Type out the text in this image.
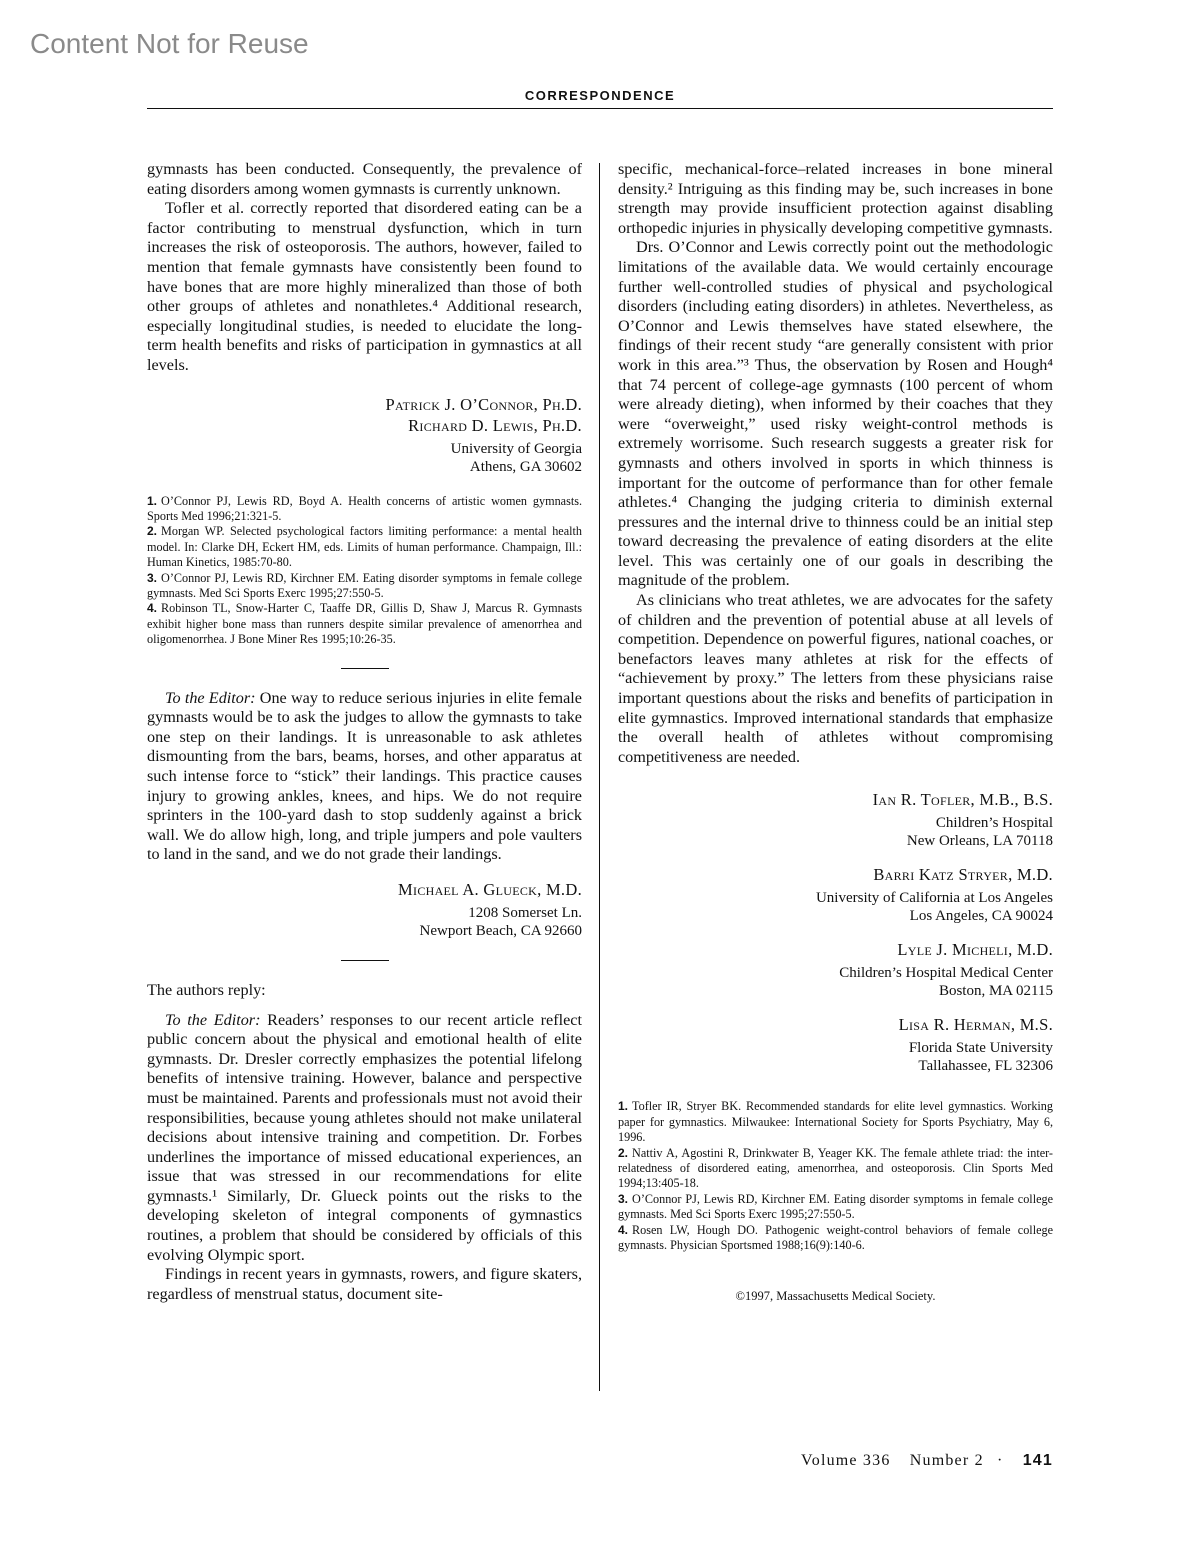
Content Not for Reuse
CORRESPONDENCE

gymnasts has been conducted. Consequently, the prevalence of eating disorders among women gymnasts is currently unknown.

Tofler et al. correctly reported that disordered eating can be a factor contributing to menstrual dysfunction, which in turn increases the risk of osteoporosis. The authors, however, failed to mention that female gymnasts have consistently been found to have bones that are more highly mineralized than those of both other groups of athletes and nonathletes.⁴ Additional research, especially longitudinal studies, is needed to elucidate the long-term health benefits and risks of participation in gymnastics at all levels.

Patrick J. O’Connor, Ph.D.
Richard D. Lewis, Ph.D.
University of Georgia
Athens, GA 30602
1. O’Connor PJ, Lewis RD, Boyd A. Health concerns of artistic women gymnasts. Sports Med 1996;21:321-5.
2. Morgan WP. Selected psychological factors limiting performance: a mental health model. In: Clarke DH, Eckert HM, eds. Limits of human performance. Champaign, Ill.: Human Kinetics, 1985:70-80.
3. O’Connor PJ, Lewis RD, Kirchner EM. Eating disorder symptoms in female college gymnasts. Med Sci Sports Exerc 1995;27:550-5.
4. Robinson TL, Snow-Harter C, Taaffe DR, Gillis D, Shaw J, Marcus R. Gymnasts exhibit higher bone mass than runners despite similar prevalence of amenorrhea and oligomenorrhea. J Bone Miner Res 1995;10:26-35.

To the Editor: One way to reduce serious injuries in elite female gymnasts would be to ask the judges to allow the gymnasts to take one step on their landings. It is unreasonable to ask athletes dismounting from the bars, beams, horses, and other apparatus at such intense force to “stick” their landings. This practice causes injury to growing ankles, knees, and hips. We do not require sprinters in the 100-yard dash to stop suddenly against a brick wall. We do allow high, long, and triple jumpers and pole vaulters to land in the sand, and we do not grade their landings.

Michael A. Glueck, M.D.
1208 Somerset Ln.
Newport Beach, CA 92660

The authors reply:

To the Editor: Readers’ responses to our recent article reflect public concern about the physical and emotional health of elite gymnasts. Dr. Dresler correctly emphasizes the potential lifelong benefits of intensive training. However, balance and perspective must be maintained. Parents and professionals must not avoid their responsibilities, because young athletes should not make unilateral decisions about intensive training and competition. Dr. Forbes underlines the importance of missed educational experiences, an issue that was stressed in our recommendations for elite gymnasts.¹ Similarly, Dr. Glueck points out the risks to the developing skeleton of integral components of gymnastics routines, a problem that should be considered by officials of this evolving Olympic sport.

Findings in recent years in gymnasts, rowers, and figure skaters, regardless of menstrual status, document site-

specific, mechanical-force–related increases in bone mineral density.² Intriguing as this finding may be, such increases in bone strength may provide insufficient protection against disabling orthopedic injuries in physically developing competitive gymnasts.

Drs. O’Connor and Lewis correctly point out the methodologic limitations of the available data. We would certainly encourage further well-controlled studies of physical and psychological disorders (including eating disorders) in athletes. Nevertheless, as O’Connor and Lewis themselves have stated elsewhere, the findings of their recent study “are generally consistent with prior work in this area.”³ Thus, the observation by Rosen and Hough⁴ that 74 percent of college-age gymnasts (100 percent of whom were already dieting), when informed by their coaches that they were “overweight,” used risky weight-control methods is extremely worrisome. Such research suggests a greater risk for gymnasts and others involved in sports in which thinness is important for the outcome of performance than for other female athletes.⁴ Changing the judging criteria to diminish external pressures and the internal drive to thinness could be an initial step toward decreasing the prevalence of eating disorders at the elite level. This was certainly one of our goals in describing the magnitude of the problem.

As clinicians who treat athletes, we are advocates for the safety of children and the prevention of potential abuse at all levels of competition. Dependence on powerful figures, national coaches, or benefactors leaves many athletes at risk for the effects of “achievement by proxy.” The letters from these physicians raise important questions about the risks and benefits of participation in elite gymnastics. Improved international standards that emphasize the overall health of athletes without compromising competitiveness are needed.

Ian R. Tofler, M.B., B.S.
Children’s Hospital
New Orleans, LA 70118
Barri Katz Stryer, M.D.
University of California at Los Angeles
Los Angeles, CA 90024
Lyle J. Micheli, M.D.
Children’s Hospital Medical Center
Boston, MA 02115
Lisa R. Herman, M.S.
Florida State University
Tallahassee, FL 32306
1. Tofler IR, Stryer BK. Recommended standards for elite level gymnastics. Working paper for gymnastics. Milwaukee: International Society for Sports Psychiatry, May 6, 1996.
2. Nattiv A, Agostini R, Drinkwater B, Yeager KK. The female athlete triad: the inter-relatedness of disordered eating, amenorrhea, and osteoporosis. Clin Sports Med 1994;13:405-18.
3. O’Connor PJ, Lewis RD, Kirchner EM. Eating disorder symptoms in female college gymnasts. Med Sci Sports Exerc 1995;27:550-5.
4. Rosen LW, Hough DO. Pathogenic weight-control behaviors of female college gymnasts. Physician Sportsmed 1988;16(9):140-6.
©1997, Massachusetts Medical Society.
Volume 336 Number 2 · 141
